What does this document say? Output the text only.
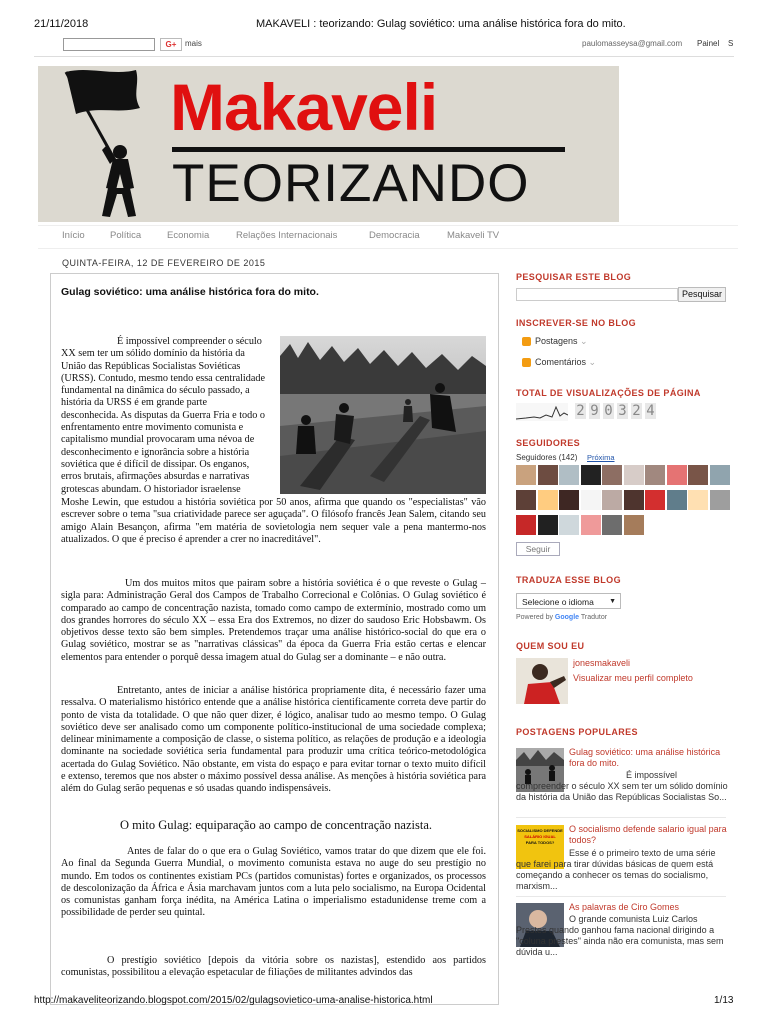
21/11/2018	MAKAVELI : teorizando: Gulag soviético: uma análise histórica fora do mito.
G+	mais	paulomasseysa@gmail.com Painel S
Makaveli
TEORIZANDO
Início	Política	Economia	Relações Internacionais	Democracia	Makaveli TV
QUINTA-FEIRA, 12 DE FEVEREIRO DE 2015
Gulag soviético: uma análise histórica fora do mito.
É impossível compreender o século
XX sem ter um sólido domínio da história da
União das Repúblicas Socialistas Soviéticas
(URSS). Contudo, mesmo tendo essa centralidade
fundamental na dinâmica do século passado, a
história da URSS é em grande parte
desconhecida. As disputas da Guerra Fria e todo o
enfrentamento entre movimento comunista e
capitalismo mundial provocaram uma névoa de
desconhecimento e ignorância sobre a história
soviética que é difícil de dissipar. Os enganos,
erros brutais, afirmações absurdas e narrativas
grotescas abundam. O historiador israelense
Moshe Lewin, que estudou a história soviética por 50 anos, afirma que quando os "especialistas" vão escrever sobre o tema "sua criatividade parece ser aguçada". O filósofo francês Jean Salem, citando seu amigo Alain Besançon, afirma "em matéria de sovietologia nem sequer vale a pena mantermo-nos atualizados. O que é preciso é aprender a crer no inacreditável".
Um dos muitos mitos que pairam sobre a história soviética é o que reveste o Gulag – sigla para: Administração Geral dos Campos de Trabalho Correcional e Colônias. O Gulag soviético é comparado ao campo de concentração nazista, tomado como campo de extermínio, mostrado como um dos grandes horrores do século XX – essa Era dos Extremos, no dizer do saudoso Eric Hobsbawm. Os objetivos desse texto são bem simples. Pretendemos traçar uma análise histórico-social do que era o Gulag soviético, mostrar se as "narrativas clássicas" da época da Guerra Fria estão certas e elencar elementos para entender o porquê dessa imagem atual do Gulag ser a dominante – e não outra.
Entretanto, antes de iniciar a análise histórica propriamente dita, é necessário fazer uma ressalva. O materialismo histórico entende que a análise histórica cientificamente correta deve partir do ponto de vista da totalidade. O que não quer dizer, é lógico, analisar tudo ao mesmo tempo. O Gulag soviético deve ser analisado como um componente político-institucional de uma sociedade complexa; delinear minimamente a composição de classe, o sistema político, as relações de produção e a ideologia dominante na sociedade soviética seria fundamental para produzir uma crítica teórico-metodológica acertada do Gulag Soviético. Não obstante, em vista do espaço e para evitar tornar o texto muito difícil e extenso, teremos que nos abster o máximo possível dessa análise. As menções à história soviética para além do Gulag serão pequenas e só usadas quando indispensáveis.
O mito Gulag: equiparação ao campo de concentração nazista.
Antes de falar do o que era o Gulag Soviético, vamos tratar do que dizem que ele foi. Ao final da Segunda Guerra Mundial, o movimento comunista estava no auge do seu prestígio no mundo. Em todos os continentes existiam PCs (partidos comunistas) fortes e organizados, os processos de descolonização da África e Ásia marchavam juntos com a luta pelo socialismo, na Europa Ocidental os comunistas ganham força inédita, na América Latina o imperialismo estadunidense treme com a possibilidade de perder seu quintal.
O prestígio soviético [depois da vitória sobre os nazistas], estendido aos partidos comunistas, possibilitou a elevação espetacular de filiações de militantes advindos das
PESQUISAR ESTE BLOG
Pesquisar
INSCREVER-SE NO BLOG
Postagens ⌄
Comentários ⌄
TOTAL DE VISUALIZAÇÕES DE PÁGINA
2 9 0 3 2 4
SEGUIDORES
Seguidores (142) Próxima
Seguir
TRADUZA ESSE BLOG
Selecione o idioma ▼
Powered by Google Tradutor
QUEM SOU EU
jonesmakaveli
Visualizar meu perfil completo
POSTAGENS POPULARES
Gulag soviético: uma análise histórica fora do mito.
É impossível compreender o século XX sem ter um sólido domínio da história da União das Repúblicas Socialistas So...
SOCIALISMO DEFENDE
SALÁRIO IGUAL
PARA TODOS?
O socialismo defende salario igual para todos?
Esse é o primeiro texto de uma série que farei para tirar dúvidas básicas de quem está começando a conhecer os temas do socialismo, marxism...
As palavras de Ciro Gomes
O grande comunista Luiz Carlos Prestes quando ganhou fama nacional dirigindo a "coluna prestes" ainda não era comunista, mas sem dúvida u...
http://makaveliteorizando.blogspot.com/2015/02/gulagsovietico-uma-analise-historica.html	1/13
